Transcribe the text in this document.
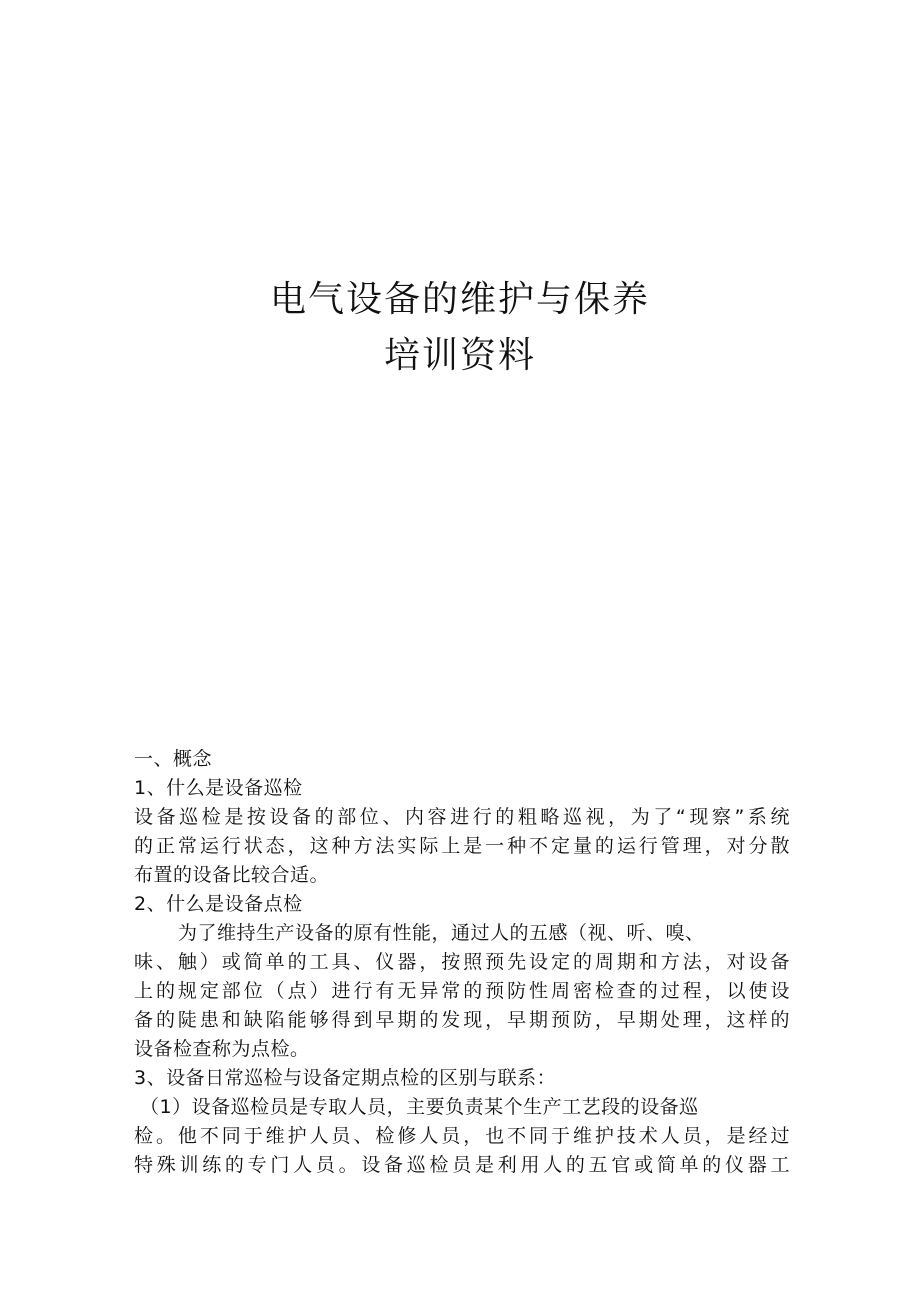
电气设备的维护与保养
培训资料
一、概念
1、什么是设备巡检
设备巡检是按设备的部位、内容进行的粗略巡视，为了“现察”系统
的正常运行状态，这种方法实际上是一种不定量的运行管理，对分散
布置的设备比较合适。
2、什么是设备点检
为了维持生产设备的原有性能，通过人的五感（视、听、嗅、
味、触）或简单的工具、仪器，按照预先设定的周期和方法，对设备
上的规定部位（点）进行有无异常的预防性周密检查的过程，以使设
备的陡患和缺陷能够得到早期的发现，早期预防，早期处理，这样的
设备检查称为点检。
3、设备日常巡检与设备定期点检的区别与联系：
（1）设备巡检员是专取人员，主要负责某个生产工艺段的设备巡
检。他不同于维护人员、检修人员，也不同于维护技术人员，是经过
特殊训练的专门人员。设备巡检员是利用人的五官或简单的仪器工
